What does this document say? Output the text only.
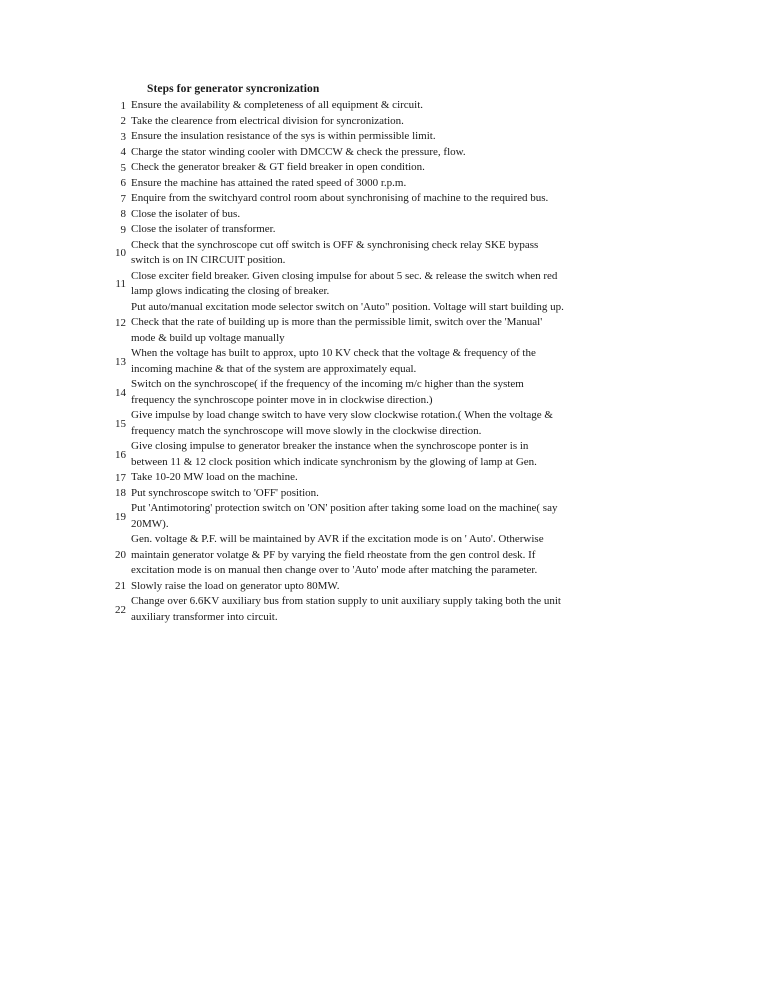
Steps for generator syncronization
1 Ensure the availability & completeness of all equipment & circuit.
2 Take the clearence from electrical division for syncronization.
3 Ensure the insulation resistance of the sys is within permissible limit.
4 Charge the stator winding cooler with DMCCW & check the pressure, flow.
5 Check the generator breaker & GT field breaker in open condition.
6 Ensure the machine has attained the rated speed of 3000 r.p.m.
7 Enquire from the switchyard control room about synchronising of machine to the required bus.
8 Close the isolater of bus.
9 Close the isolater of transformer.
10
Check that the synchroscope cut off switch is OFF & synchronising check relay SKE bypass
switch is on IN CIRCUIT position.
11
Close exciter field breaker. Given closing impulse for about 5 sec. & release the switch when red
lamp glows indicating the closing of breaker.
12
Put auto/manual excitation mode selector switch on 'Auto" position. Voltage will start building up.
Check that the rate of building up is more than the permissible limit, switch over the 'Manual'
mode & build up voltage manually
13
When the voltage has built to approx, upto 10 KV check that the voltage & frequency of the
incoming machine & that of the system are approximately equal.
14
Switch on the synchroscope( if the frequency of the incoming m/c higher than the system
frequency the synchroscope pointer move in in clockwise direction.)
15
Give impulse by load change switch to have very slow clockwise rotation.( When the voltage &
frequency match the synchroscope will move slowly in the clockwise direction.
16
Give closing impulse to generator breaker the instance when the synchroscope ponter is in
between 11 & 12 clock position which indicate synchronism by the glowing of lamp at Gen.
17 Take 10-20 MW load on the machine.
18 Put synchroscope switch to 'OFF' position.
19
Put 'Antimotoring' protection switch on 'ON' position after taking some load on the machine( say
20MW).
20
Gen. voltage & P.F. will be maintained by AVR if the excitation mode is on ' Auto'. Otherwise
maintain generator volatge & PF by varying the field rheostate from the gen control desk. If
excitation mode is on manual then change over to 'Auto' mode after matching the parameter.
21 Slowly raise the load on generator upto 80MW.
22
Change over 6.6KV auxiliary bus from station supply to unit auxiliary supply taking both the unit
auxiliary transformer into circuit.
